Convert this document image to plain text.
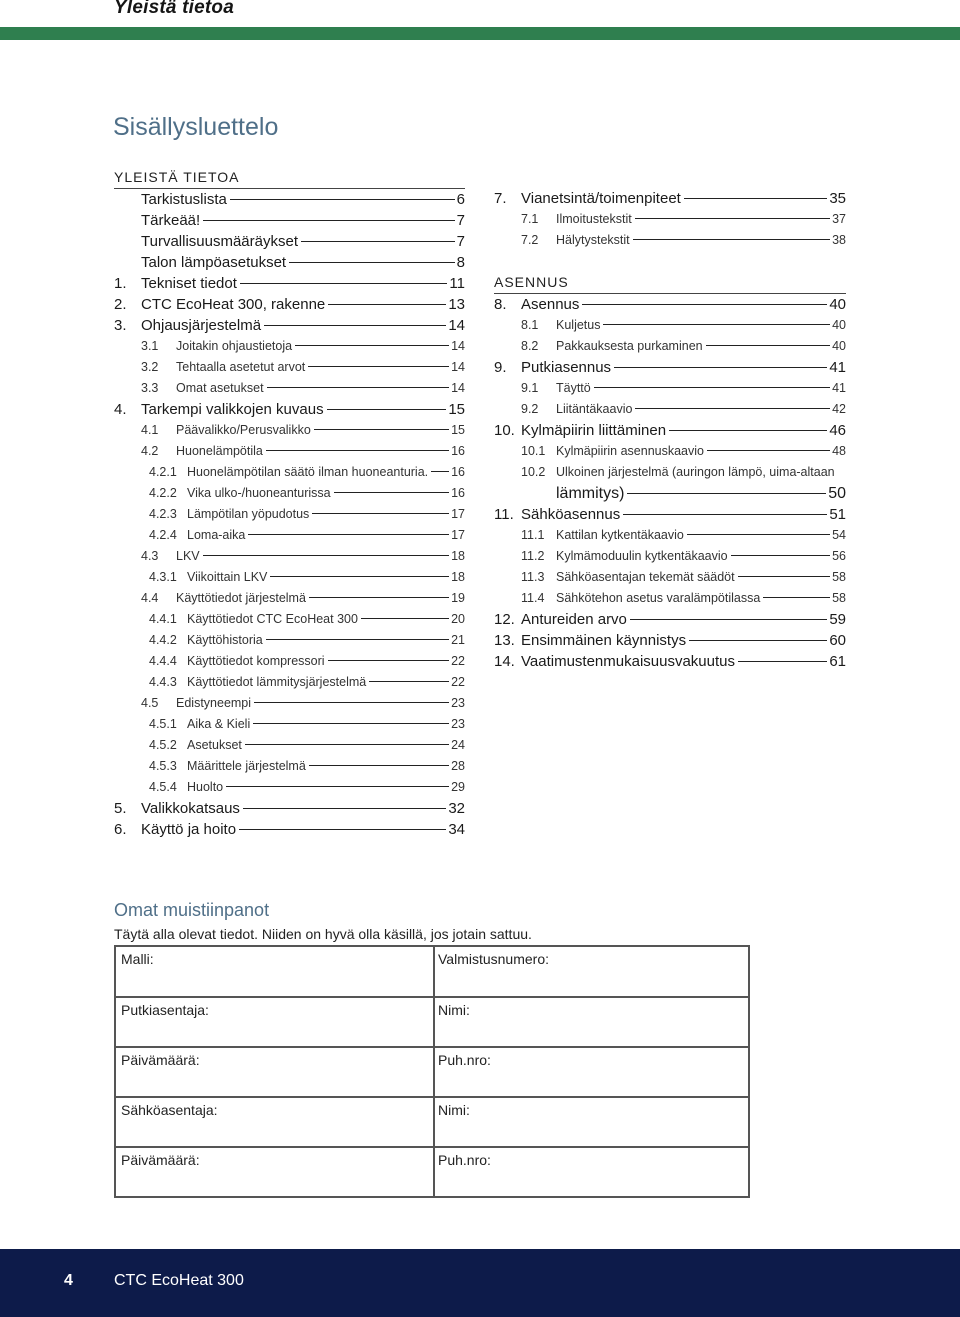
Yleistä tietoa
Sisällysluettelo
YLEISTÄ TIETOA
Tarkistuslista	6
Tärkeää!	7
Turvallisuusmääräykset	7
Talon lämpöasetukset	8
1. Tekniset tiedot	11
2. CTC EcoHeat 300, rakenne	13
3. Ohjausjärjestelmä	14
3.1	Joitakin ohjaustietoja	14
3.2	Tehtaalla asetetut arvot	14
3.3	Omat asetukset	14
4. Tarkempi valikkojen kuvaus	15
4.1	Päävalikko/Perusvalikko	15
4.2	Huonelämpötila	16
4.2.1 Huonelämpötilan säätö ilman huoneanturia. 16
4.2.2 Vika ulko-/huoneanturissa	16
4.2.3 Lämpötilan yöpudotus	17
4.2.4 Loma-aika	17
4.3	LKV	18
4.3.1 Viikoittain LKV	18
4.4	Käyttötiedot järjestelmä	19
4.4.1 Käyttötiedot CTC EcoHeat 300	20
4.4.2 Käyttöhistoria	21
4.4.4 Käyttötiedot kompressori	22
4.4.3 Käyttötiedot lämmitysjärjestelmä	22
4.5	Edistyneempi	23
4.5.1 Aika & Kieli	23
4.5.2 Asetukset	24
4.5.3 Määrittele järjestelmä	28
4.5.4 Huolto	29
5. Valikkokatsaus	32
6. Käyttö ja hoito	34
7. Vianetsintä/toimenpiteet	35
7.1	Ilmoitustekstit	37
7.2	Hälytystekstit	38
ASENNUS
8. Asennus	40
8.1	Kuljetus	40
8.2	Pakkauksesta purkaminen	40
9. Putkiasennus	41
9.1	Täyttö	41
9.2	Liitäntäkaavio	42
10. Kylmäpiirin liittäminen	46
10.1 Kylmäpiirin asennuskaavio	48
10.2 Ulkoinen järjestelmä (auringon lämpö, uima-altaan
lämmitys)	50
11. Sähköasennus	51
11.1 Kattilan kytkentäkaavio	54
11.2 Kylmämoduulin kytkentäkaavio	56
11.3 Sähköasentajan tekemät säädöt	58
11.4 Sähkötehon asetus varalämpötilassa	58
12. Antureiden arvo	59
13. Ensimmäinen käynnistys	60
14. Vaatimustenmukaisuusvakuutus	61
Omat muistiinpanot
Täytä alla olevat tiedot. Niiden on hyvä olla käsillä, jos jotain sattuu.
Malli:	Valmistusnumero:
Putkiasentaja:	Nimi:
Päivämäärä:	Puh.nro:
Sähköasentaja:	Nimi:
Päivämäärä:	Puh.nro:
4	CTC EcoHeat 300
